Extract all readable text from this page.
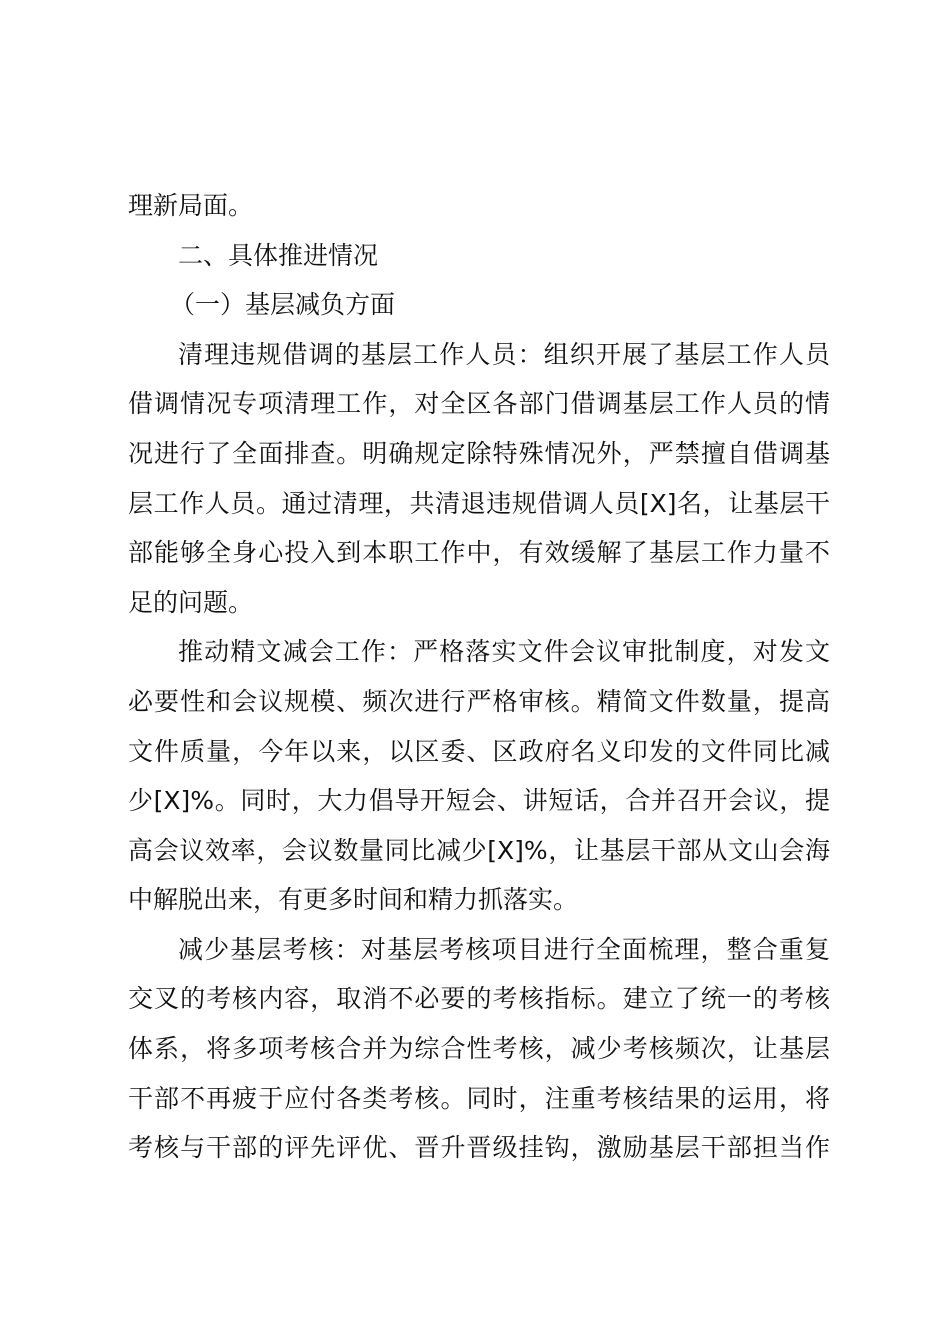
理新局面。
二、具体推进情况
（一）基层减负方面
清理违规借调的基层工作人员：组织开展了基层工作人员
借调情况专项清理工作，对全区各部门借调基层工作人员的情
况进行了全面排查。明确规定除特殊情况外，严禁擅自借调基
层工作人员。通过清理，共清退违规借调人员[X]名，让基层干
部能够全身心投入到本职工作中，有效缓解了基层工作力量不
足的问题。
推动精文减会工作：严格落实文件会议审批制度，对发文
必要性和会议规模、频次进行严格审核。精简文件数量，提高
文件质量，今年以来，以区委、区政府名义印发的文件同比减
少[X]%。同时，大力倡导开短会、讲短话，合并召开会议，提
高会议效率，会议数量同比减少[X]%，让基层干部从文山会海
中解脱出来，有更多时间和精力抓落实。
减少基层考核：对基层考核项目进行全面梳理，整合重复
交叉的考核内容，取消不必要的考核指标。建立了统一的考核
体系，将多项考核合并为综合性考核，减少考核频次，让基层
干部不再疲于应付各类考核。同时，注重考核结果的运用，将
考核与干部的评先评优、晋升晋级挂钩，激励基层干部担当作
